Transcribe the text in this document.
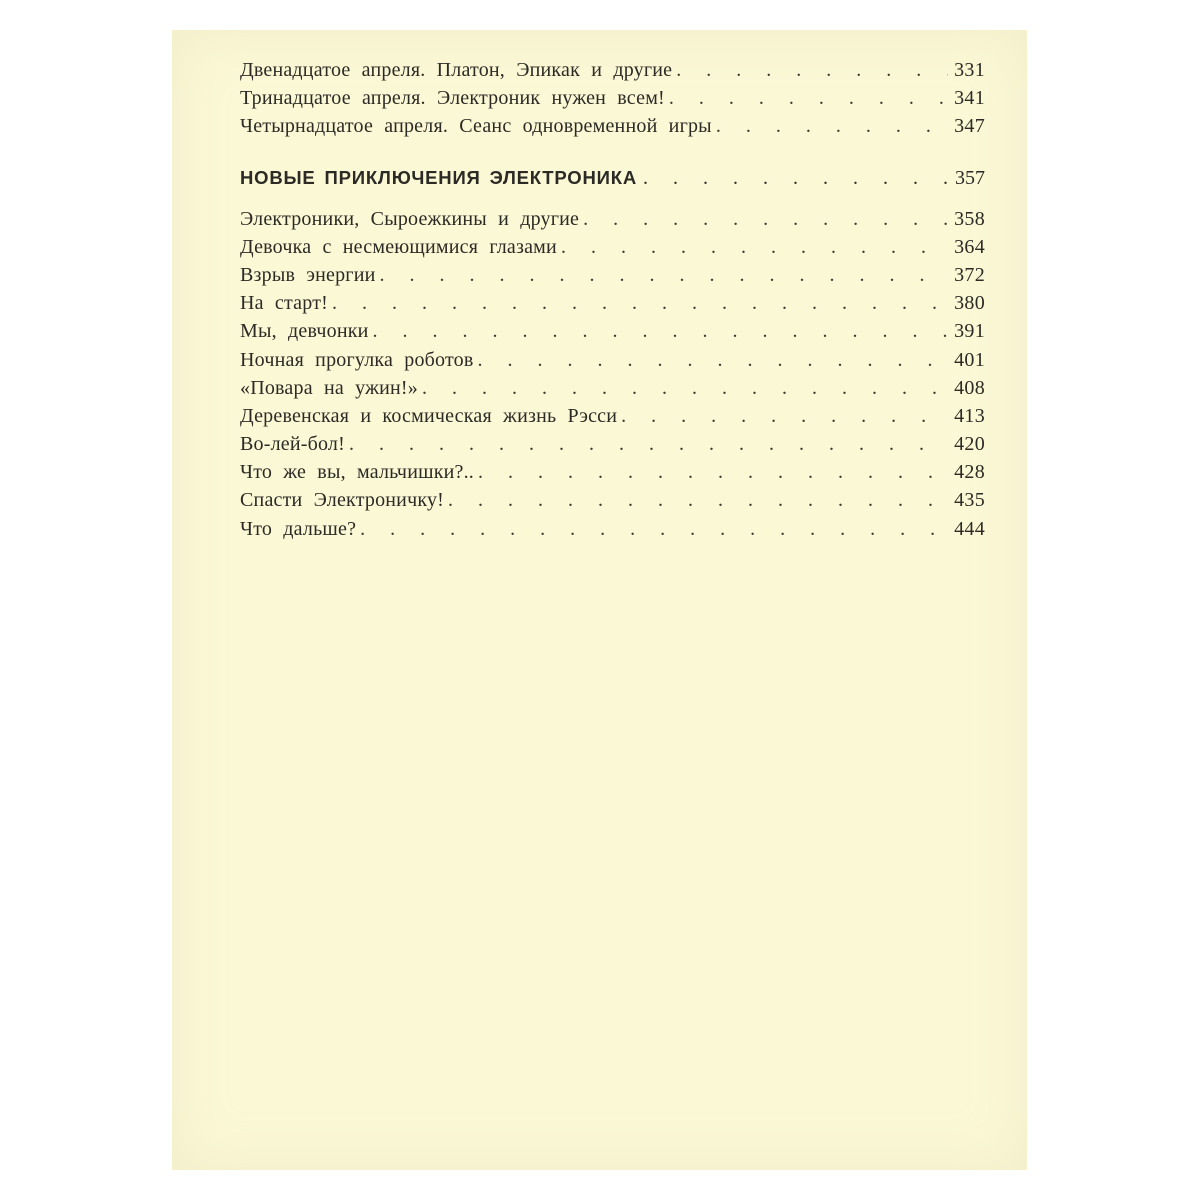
Двенадцатое апреля. Платон, Эпикак и другие .	331
Тринадцатое апреля. Электроник нужен всем! .	341
Четырнадцатое апреля. Сеанс одновременной игры .	347
НОВЫЕ ПРИКЛЮЧЕНИЯ ЭЛЕКТРОНИКА .	357
Электроники, Сыроежкины и другие .	358
Девочка с несмеющимися глазами .	364
Взрыв энергии .	372
На старт! .	380
Мы, девчонки .	391
Ночная прогулка роботов .	401
«Повара на ужин!» .	408
Деревенская и космическая жизнь Рэсси .	413
Во-лей-бол! .	420
Что же вы, мальчишки?.. .	428
Спасти Электроничку! .	435
Что дальше? .	444
